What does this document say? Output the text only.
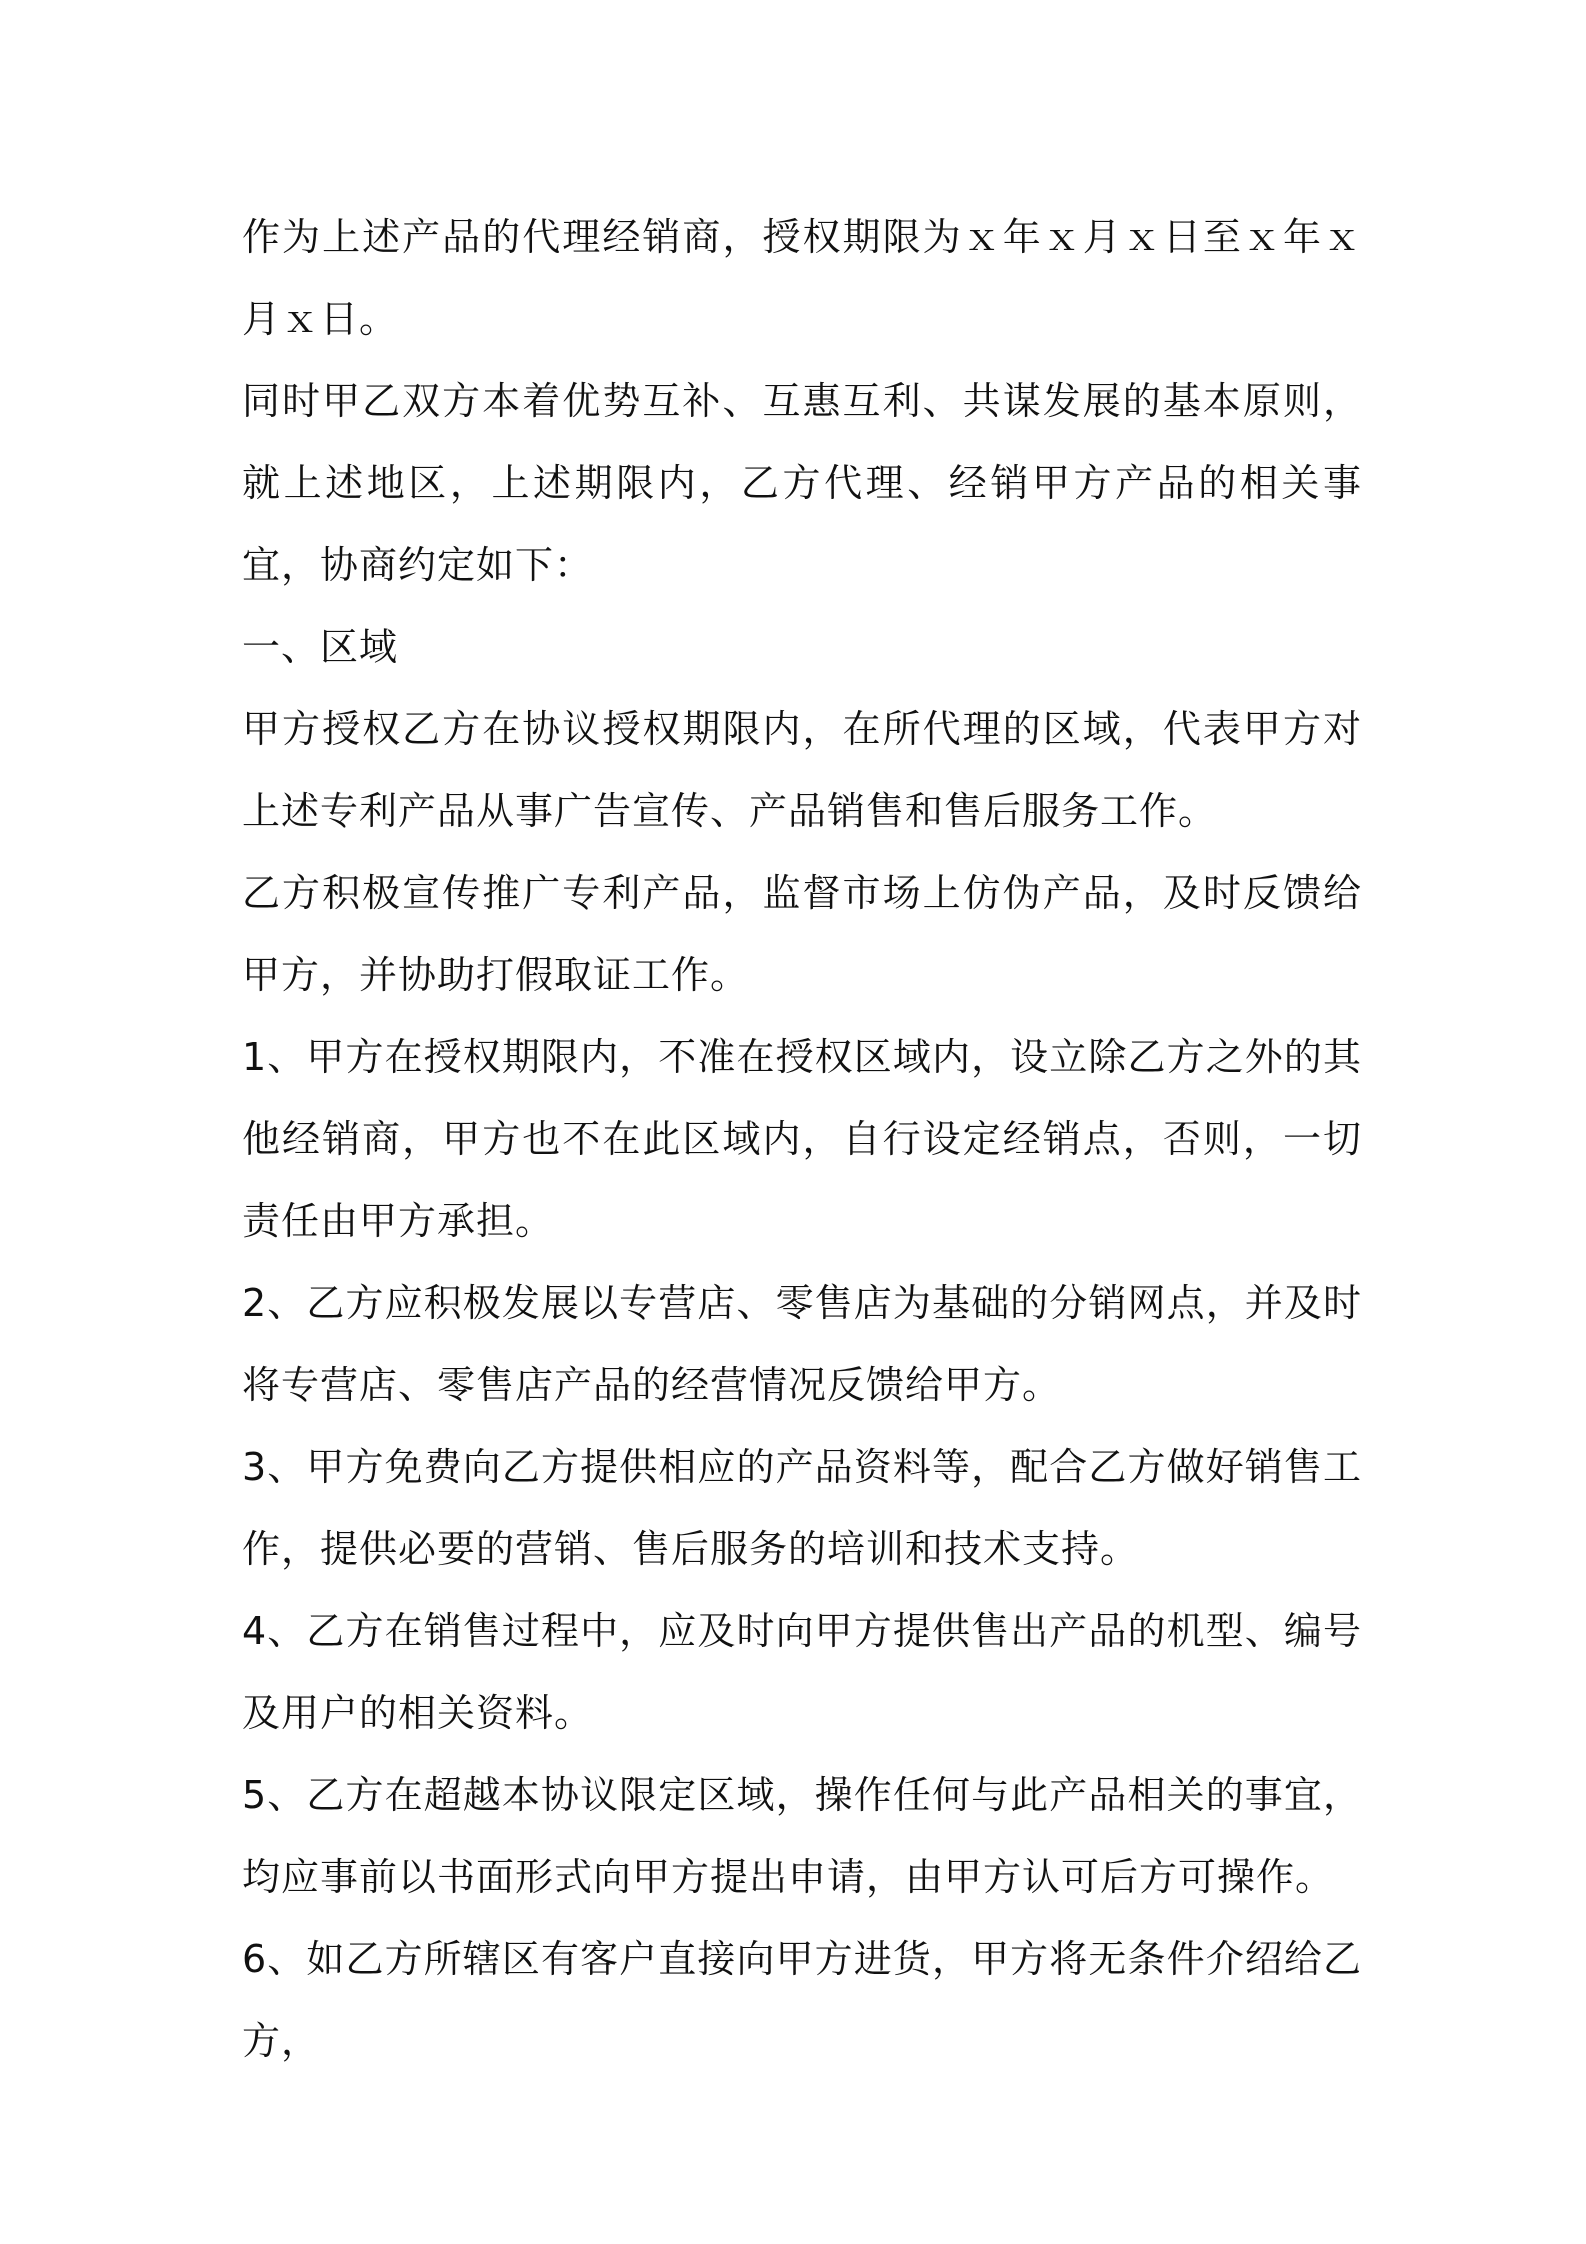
作为上述产品的代理经销商，授权期限为ｘ年ｘ月ｘ日至ｘ年ｘ月ｘ日。

同时甲乙双方本着优势互补、互惠互利、共谋发展的基本原则，就上述地区，上述期限内，乙方代理、经销甲方产品的相关事宜，协商约定如下：

一、区域

甲方授权乙方在协议授权期限内，在所代理的区域，代表甲方对上述专利产品从事广告宣传、产品销售和售后服务工作。

乙方积极宣传推广专利产品，监督市场上仿伪产品，及时反馈给甲方，并协助打假取证工作。

1、甲方在授权期限内，不准在授权区域内，设立除乙方之外的其他经销商，甲方也不在此区域内，自行设定经销点，否则，一切责任由甲方承担。

2、乙方应积极发展以专营店、零售店为基础的分销网点，并及时将专营店、零售店产品的经营情况反馈给甲方。

3、甲方免费向乙方提供相应的产品资料等，配合乙方做好销售工作，提供必要的营销、售后服务的培训和技术支持。

4、乙方在销售过程中，应及时向甲方提供售出产品的机型、编号及用户的相关资料。

5、乙方在超越本协议限定区域，操作任何与此产品相关的事宜，均应事前以书面形式向甲方提出申请，由甲方认可后方可操作。

6、如乙方所辖区有客户直接向甲方进货，甲方将无条件介绍给乙方，
